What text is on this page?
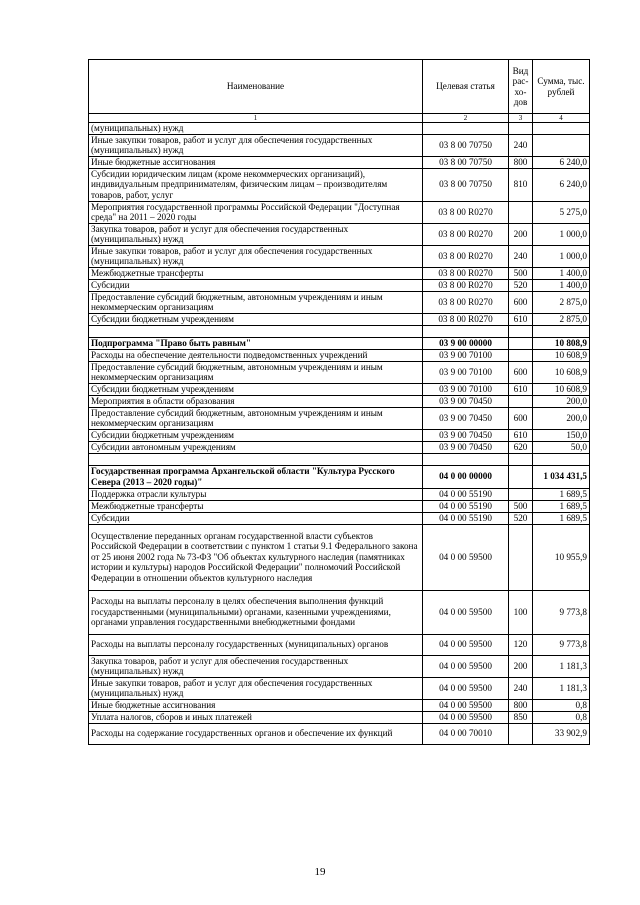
Наименование	Целевая статья	Вид рас-хо-дов	Сумма, тыс. рублей
1	2	3	4
(муниципальных) нужд			
Иные закупки товаров, работ и услуг для обеспечения государственных (муниципальных) нужд	03 8 00 70750	240	
Иные бюджетные ассигнования	03 8 00 70750	800	6 240,0
Субсидии юридическим лицам (кроме некоммерческих организаций), индивидуальным предпринимателям, физическим лицам – производителям товаров, работ, услуг	03 8 00 70750	810	6 240,0
Мероприятия государственной программы Российской Федерации "Доступная среда" на 2011 – 2020 годы	03 8 00 R0270		5 275,0
Закупка товаров, работ и услуг для обеспечения государственных (муниципальных) нужд	03 8 00 R0270	200	1 000,0
Иные закупки товаров, работ и услуг для обеспечения государственных (муниципальных) нужд	03 8 00 R0270	240	1 000,0
Межбюджетные трансферты	03 8 00 R0270	500	1 400,0
Субсидии	03 8 00 R0270	520	1 400,0
Предоставление субсидий бюджетным, автономным учреждениям и иным некоммерческим организациям	03 8 00 R0270	600	2 875,0
Субсидии бюджетным учреждениям	03 8 00 R0270	610	2 875,0

Подпрограмма "Право быть равным"	03 9 00 00000		10 808,9
Расходы на обеспечение деятельности подведомственных учреждений	03 9 00 70100		10 608,9
Предоставление субсидий бюджетным, автономным учреждениям и иным некоммерческим организациям	03 9 00 70100	600	10 608,9
Субсидии бюджетным учреждениям	03 9 00 70100	610	10 608,9
Мероприятия в области образования	03 9 00 70450		200,0
Предоставление субсидий бюджетным, автономным учреждениям и иным некоммерческим организациям	03 9 00 70450	600	200,0
Субсидии бюджетным учреждениям	03 9 00 70450	610	150,0
Субсидии автономным учреждениям	03 9 00 70450	620	50,0

Государственная программа Архангельской области "Культура Русского Севера (2013 – 2020 годы)"	04 0 00 00000		1 034 431,5
Поддержка отрасли культуры	04 0 00 55190		1 689,5
Межбюджетные трансферты	04 0 00 55190	500	1 689,5
Субсидии	04 0 00 55190	520	1 689,5
Осуществление переданных органам государственной власти субъектов Российской Федерации в соответствии с пунктом 1 статьи 9.1 Федерального закона от 25 июня 2002 года № 73-ФЗ "Об объектах культурного наследия (памятниках истории и культуры) народов Российской Федерации" полномочий Российской Федерации в отношении объектов культурного наследия	04 0 00 59500		10 955,9
Расходы на выплаты персоналу в целях обеспечения выполнения функций государственными (муниципальными) органами, казенными учреждениями, органами управления государственными внебюджетными фондами	04 0 00 59500	100	9 773,8
Расходы на выплаты персоналу государственных (муниципальных) органов	04 0 00 59500	120	9 773,8
Закупка товаров, работ и услуг для обеспечения государственных (муниципальных) нужд	04 0 00 59500	200	1 181,3
Иные закупки товаров, работ и услуг для обеспечения государственных (муниципальных) нужд	04 0 00 59500	240	1 181,3
Иные бюджетные ассигнования	04 0 00 59500	800	0,8
Уплата налогов, сборов и иных платежей	04 0 00 59500	850	0,8
Расходы на содержание государственных органов и обеспечение их функций	04 0 00 70010		33 902,9
19
